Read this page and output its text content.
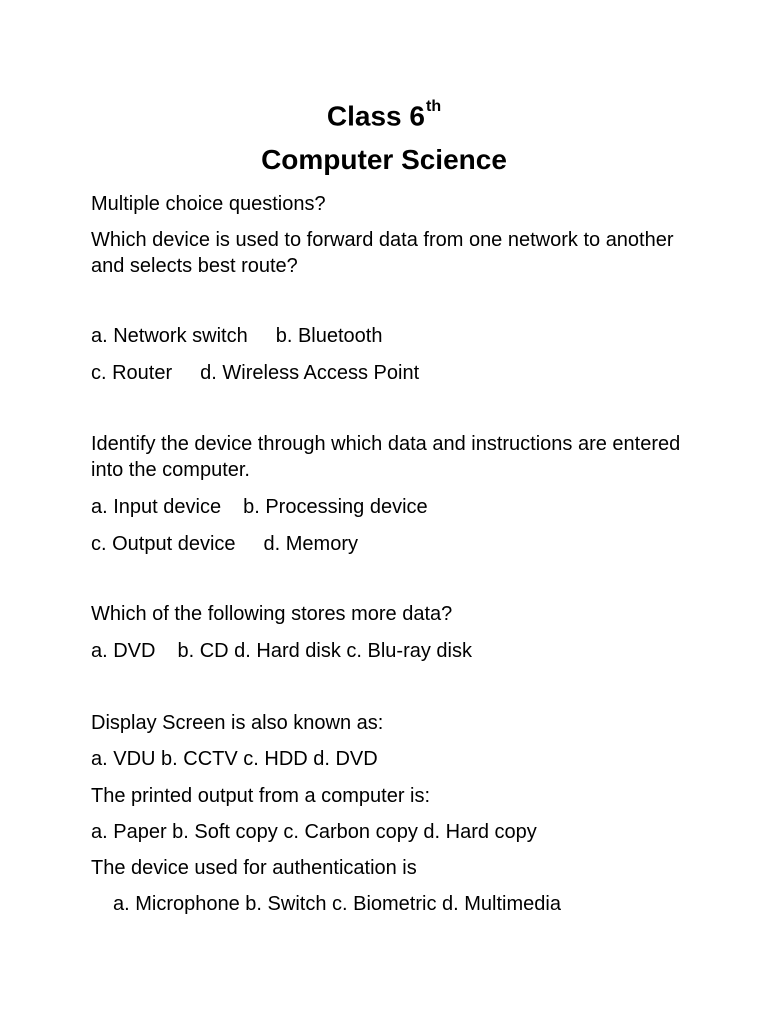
Class 6th
Computer Science

Multiple choice questions?

Which device is used to forward data from one network to another and selects best route?

a. Network switch b. Bluetooth

c. Router d. Wireless Access Point

Identify the device through which data and instructions are entered into the computer.

a. Input device b. Processing device

c. Output device d. Memory

Which of the following stores more data?

a. DVD b. CD d. Hard disk c. Blu-ray disk

Display Screen is also known as:

a. VDU b. CCTV c. HDD d. DVD

The printed output from a computer is:

a. Paper b. Soft copy c. Carbon copy d. Hard copy

The device used for authentication is

a. Microphone b. Switch c. Biometric d. Multimedia
